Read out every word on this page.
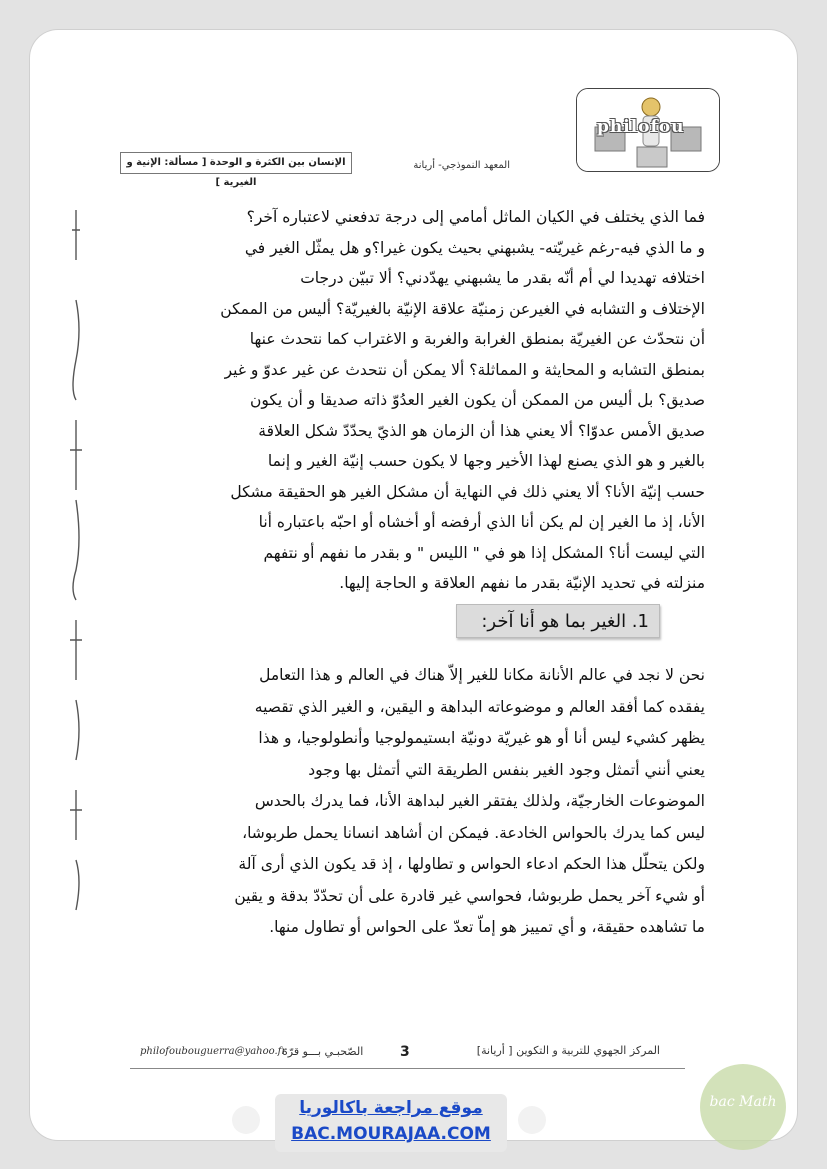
philofou
المعهد النموذجي- أريانة
الإنسان بين الكثرة و الوحدة [ مسألة: الإنية و الغيرية ]

فما الذي يختلف في الكيان الماثل أمامي إلى درجة تدفعني لاعتباره آخر؟

و ما الذي فيه-رغم غيريّته- يشبهني بحيث يكون غيرا؟و هل يمثّل الغير في

اختلافه تهديدا لي أم أنّه بقدر ما يشبهني يهدّدني؟ ألا تبيّن درجات

الإختلاف و التشابه في الغيرعن زمنيّة علاقة الإنيّة بالغيريّة؟ أليس من الممكن

أن نتحدّث عن الغيريّة بمنطق الغرابة والغربة و الاغتراب كما نتحدث عنها

بمنطق التشابه و المحايثة و المماثلة؟ ألا يمكن أن نتحدث عن غير عدوّ و غير

صديق؟ بل أليس من الممكن أن يكون الغير العدُوّ ذاته صديقا و أن يكون

صديق الأمس عدوّا؟ ألا يعني هذا أن الزمان هو الذيّ يحدّدّ شكل العلاقة

بالغير و هو الذي يصنع لهذا الأخير وجها لا يكون حسب إنيّة الغير و إنما

حسب إنيّة الأنا؟ ألا يعني ذلك في النهاية أن مشكل الغير هو الحقيقة مشكل

الأنا، إذ ما الغير إن لم يكن أنا الذي أرفضه أو أخشاه أو احبّه باعتباره أنا

التي ليست أنا؟ المشكل إذا هو في " الليس " و بقدر ما نفهم أو نتفهم

منزلته في تحديد الإنيّة بقدر ما نفهم العلاقة و الحاجة إليها.

1. الغير بما هو أنا آخر:

نحن لا نجد في عالم الأنانة مكانا للغير إلاّ هناك في العالم و هذا التعامل

يفقده كما أفقد العالم و موضوعاته البداهة و اليقين، و الغير الذي تقصيه

يظهر كشيء ليس أنا أو هو غيريّة دونيّة ابستيمولوجيا وأنطولوجيا، و هذا

يعني أنني أتمثل وجود الغير بنفس الطريقة التي أتمثل بها وجود

الموضوعات الخارجيّة، ولذلك يفتقر الغير لبداهة الأنا، فما يدرك بالحدس

ليس كما يدرك بالحواس الخادعة. فيمكن ان أشاهد انسانا يحمل طربوشا،

ولكن يتحلّل هذا الحكم ادعاء الحواس و تطاولها ، إذ قد يكون الذي أرى آلة

أو شيء آخر يحمل طربوشا، فحواسي غير قادرة على أن تحدّدّ بدقة و يقين

ما تشاهده حقيقة، و أي تمييز هو إماّ تعدّ على الحواس أو تطاول منها.

philofoubouguerra@yahoo.fr
الصّحبـي بـــو قرّة	3	المركز الجهوي للتربية و التكوين [ أريانة]
موقع مراجعة باكالوريا
BAC.MOURAJAA.COM
bac Math
